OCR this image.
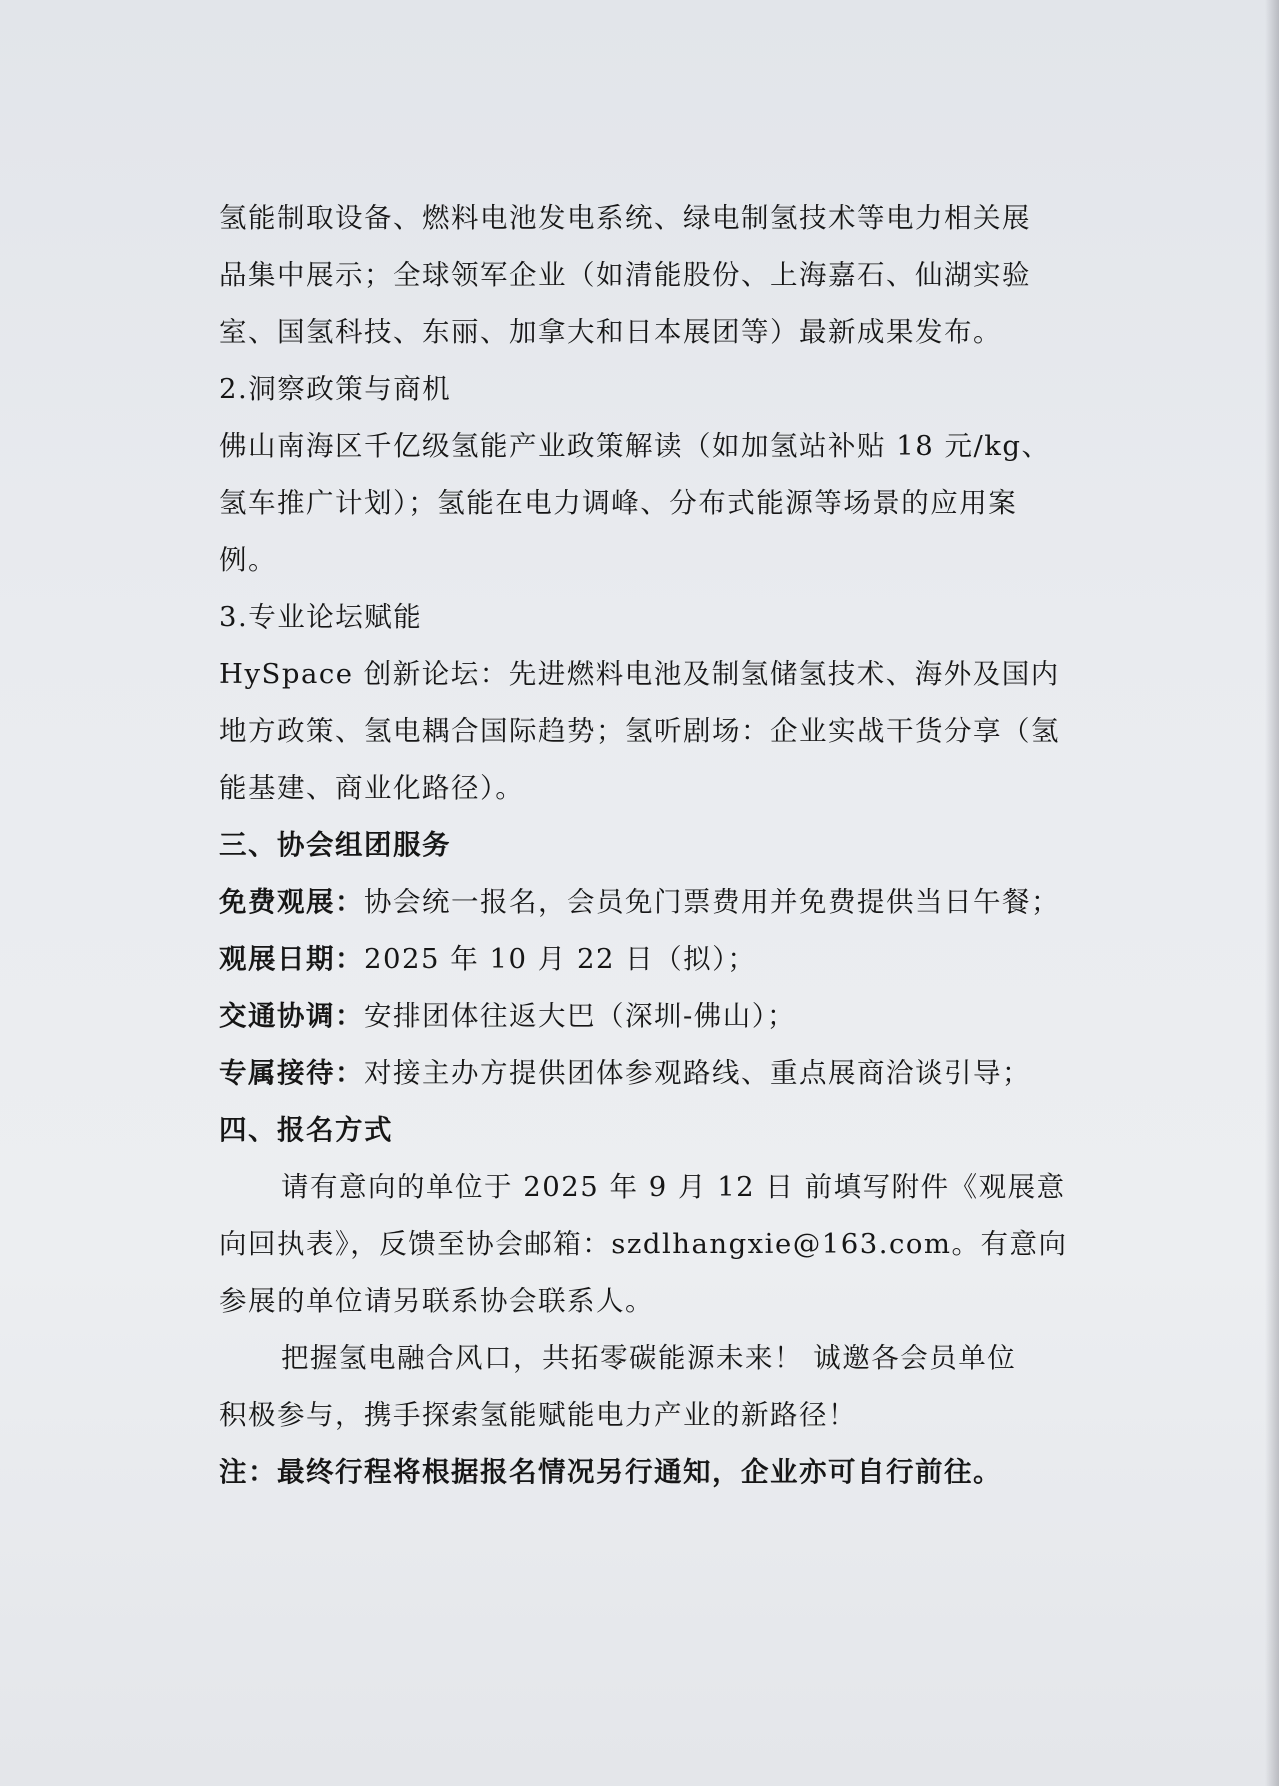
氢能制取设备、燃料电池发电系统、绿电制氢技术等电力相关展
品集中展示；全球领军企业（如清能股份、上海嘉石、仙湖实验
室、国氢科技、东丽、加拿大和日本展团等）最新成果发布。
2.洞察政策与商机
佛山南海区千亿级氢能产业政策解读（如加氢站补贴 18 元/kg、
氢车推广计划）；氢能在电力调峰、分布式能源等场景的应用案
例。
3.专业论坛赋能
HySpace 创新论坛：先进燃料电池及制氢储氢技术、海外及国内
地方政策、氢电耦合国际趋势；氢听剧场：企业实战干货分享（氢
能基建、商业化路径）。
三、协会组团服务
免费观展：协会统一报名，会员免门票费用并免费提供当日午餐；
观展日期：2025 年 10 月 22 日（拟）；
交通协调：安排团体往返大巴（深圳-佛山）；
专属接待：对接主办方提供团体参观路线、重点展商洽谈引导；
四、报名方式
请有意向的单位于 2025 年 9 月 12 日 前填写附件《观展意
向回执表》，反馈至协会邮箱：szdlhangxie@163.com。有意向
参展的单位请另联系协会联系人。
把握氢电融合风口，共拓零碳能源未来！ 诚邀各会员单位
积极参与，携手探索氢能赋能电力产业的新路径！
注：最终行程将根据报名情况另行通知，企业亦可自行前往。
